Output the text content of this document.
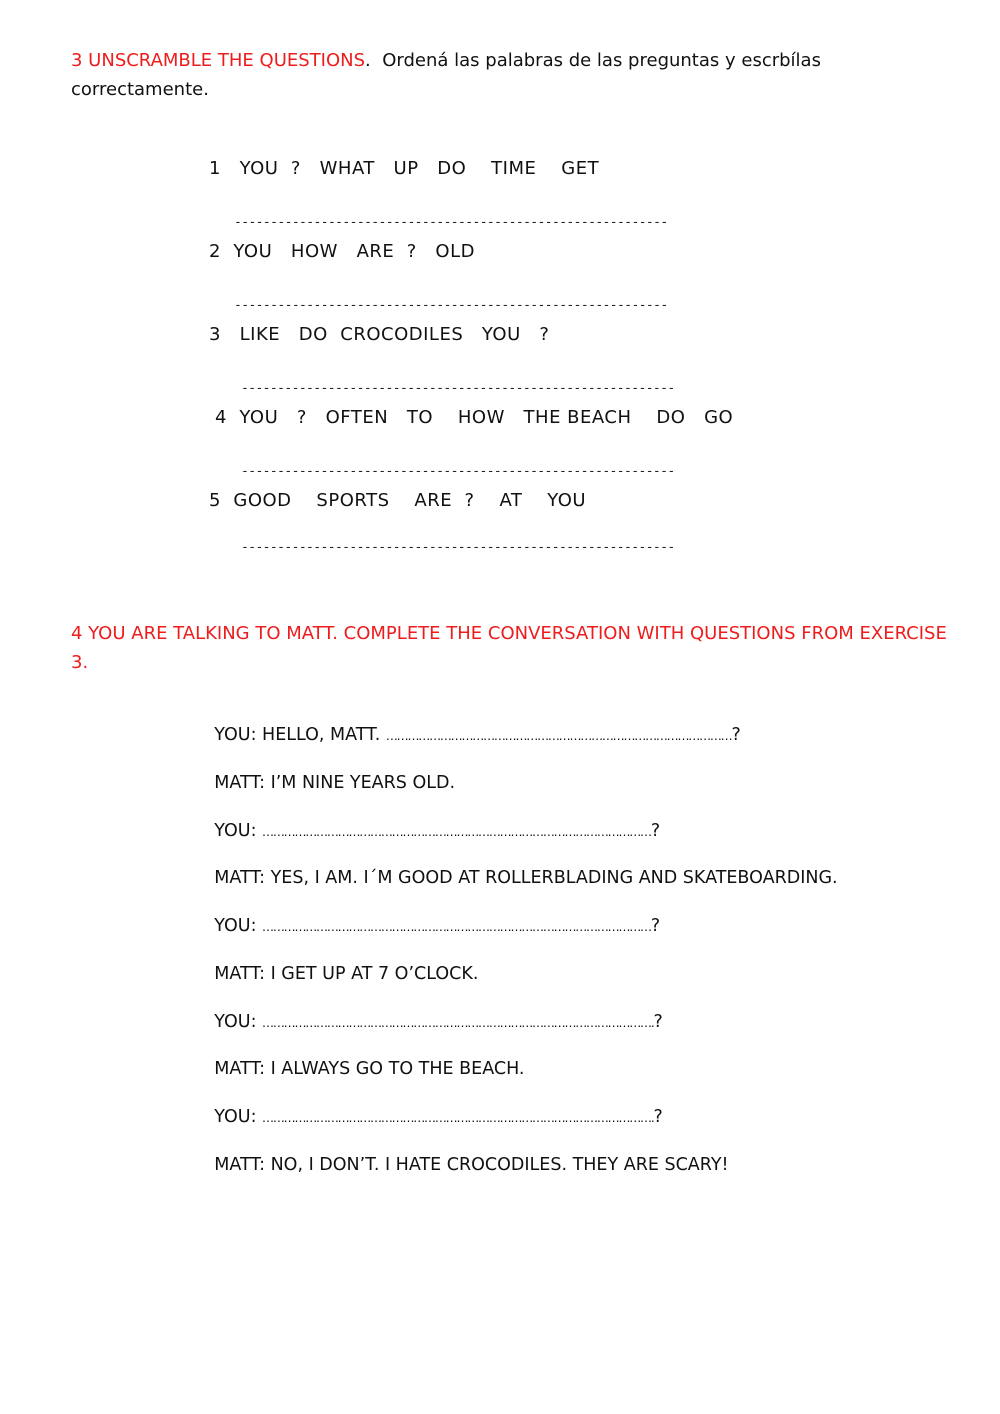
3 UNSCRAMBLE THE QUESTIONS. Ordená las palabras de las preguntas y escrbílas correctamente.
1   YOU  ?   WHAT   UP   DO    TIME    GET
------------------------------------------------------------
2  YOU   HOW   ARE  ?   OLD
------------------------------------------------------------
3   LIKE   DO  CROCODILES   YOU   ?
------------------------------------------------------------
4  YOU   ?   OFTEN   TO    HOW   THE BEACH    DO   GO
------------------------------------------------------------
5  GOOD    SPORTS    ARE  ?    AT    YOU
------------------------------------------------------------
4 YOU ARE TALKING TO MATT. COMPLETE THE CONVERSATION WITH QUESTIONS FROM EXERCISE 3.

YOU: HELLO, MATT. ……………………………………………………………………………………?

MATT: I’M NINE YEARS OLD.

YOU: ………………………………………………………………………………………………?

MATT: YES, I AM. I´M GOOD AT ROLLERBLADING AND SKATEBOARDING.

YOU: ………………………………………………………………………………………………?

MATT: I GET UP AT 7 O’CLOCK.

YOU: ……………………………………………………………………………………………….?

MATT: I ALWAYS GO TO THE BEACH.

YOU: ……………………………………………………………………………………………….?

MATT: NO, I DON’T. I HATE CROCODILES. THEY ARE SCARY!
